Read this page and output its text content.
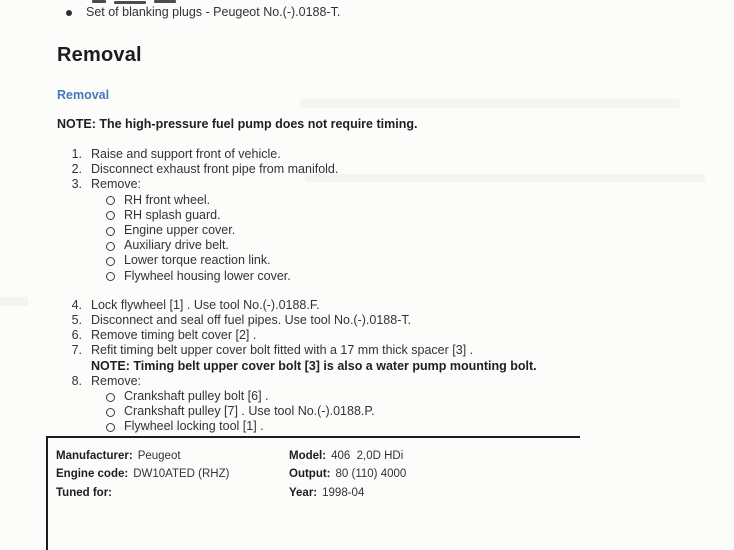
Set of blanking plugs - Peugeot No.(-).0188-T.
Removal
Removal

NOTE: The high-pressure fuel pump does not require timing.

1. Raise and support front of vehicle.
2. Disconnect exhaust front pipe from manifold.
3. Remove:
RH front wheel.
RH splash guard.
Engine upper cover.
Auxiliary drive belt.
Lower torque reaction link.
Flywheel housing lower cover.
4. Lock flywheel [1] . Use tool No.(-).0188.F.
5. Disconnect and seal off fuel pipes. Use tool No.(-).0188-T.
6. Remove timing belt cover [2] .
7. Refit timing belt upper cover bolt fitted with a 17 mm thick spacer [3] .
NOTE: Timing belt upper cover bolt [3] is also a water pump mounting bolt.
8. Remove:
Crankshaft pulley bolt [6] .
Crankshaft pulley [7] . Use tool No.(-).0188.P.
Flywheel locking tool [1] .
Manufacturer: Peugeot
Engine code: DW10ATED (RHZ)
Tuned for:
Model: 406  2,0D HDi
Output: 80 (110) 4000
Year: 1998-04
